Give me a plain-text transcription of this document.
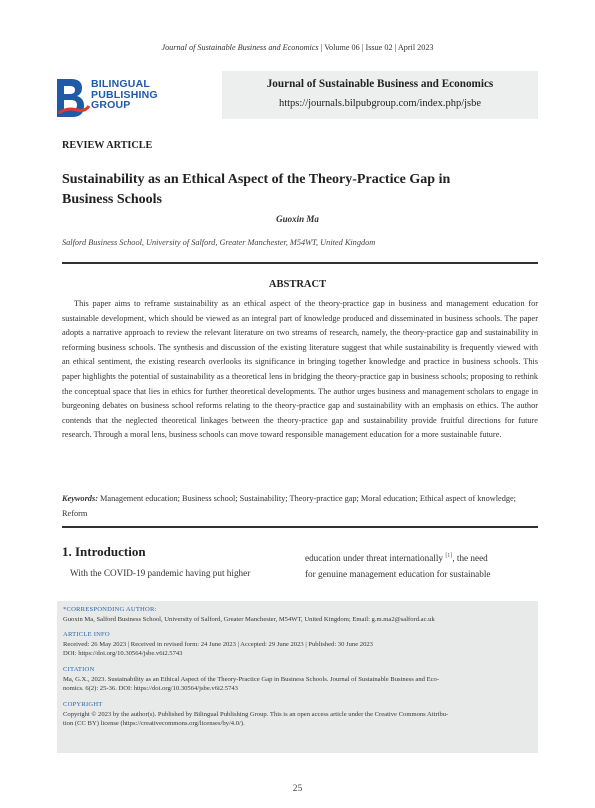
Journal of Sustainable Business and Economics | Volume 06 | Issue 02 | April 2023
BILINGUAL
PUBLISHING
GROUP
Journal of Sustainable Business and Economics
https://journals.bilpubgroup.com/index.php/jsbe
REVIEW ARTICLE
Sustainability as an Ethical Aspect of the Theory-Practice Gap in Business Schools
Guoxin Ma
Salford Business School, University of Salford, Greater Manchester, M54WT, United Kingdom
ABSTRACT
This paper aims to reframe sustainability as an ethical aspect of the theory-practice gap in business and management education for sustainable development, which should be viewed as an integral part of knowledge produced and disseminated in business schools. The paper adopts a narrative approach to review the relevant literature on two streams of research, namely, the theory-practice gap and sustainability in reforming business schools. The synthesis and discussion of the existing literature suggest that while sustainability is frequently viewed with an ethical sentiment, the existing research overlooks its significance in bringing together knowledge and practice in business schools. This paper highlights the potential of sustainability as a theoretical lens in bridging the theory-practice gap in business schools; proposing to rethink the conceptual space that lies in ethics for further theoretical developments. The author urges business and management scholars to engage in burgeoning debates on business school reforms relating to the theory-practice gap and sustainability with an emphasis on ethics. The author contends that the neglected theoretical linkages between the theory-practice gap and sustainability provide fruitful directions for future research. Through a moral lens, business schools can move toward responsible management education for a more sustainable future.
Keywords: Management education; Business school; Sustainability; Theory-practice gap; Moral education; Ethical aspect of knowledge; Reform
1. Introduction
With the COVID-19 pandemic having put higher
education under threat internationally [1], the need
for genuine management education for sustainable
*CORRESPONDING AUTHOR:
Guoxin Ma, Salford Business School, University of Salford, Greater Manchester, M54WT, United Kingdom; Email: g.m.ma2@salford.ac.uk
ARTICLE INFO
Received: 26 May 2023 | Received in revised form: 24 June 2023 | Accepted: 29 June 2023 | Published: 30 June 2023
DOI: https://doi.org/10.30564/jsbe.v6i2.5743
CITATION
Ma, G.X., 2023. Sustainability as an Ethical Aspect of the Theory-Practice Gap in Business Schools. Journal of Sustainable Business and Eco-
nomics. 6(2): 25-36. DOI: https://doi.org/10.30564/jsbe.v6i2.5743
COPYRIGHT
Copyright © 2023 by the author(s). Published by Bilingual Publishing Group. This is an open access article under the Creative Commons Attribu-
tion (CC BY) license (https://creativecommons.org/licenses/by/4.0/).
25
